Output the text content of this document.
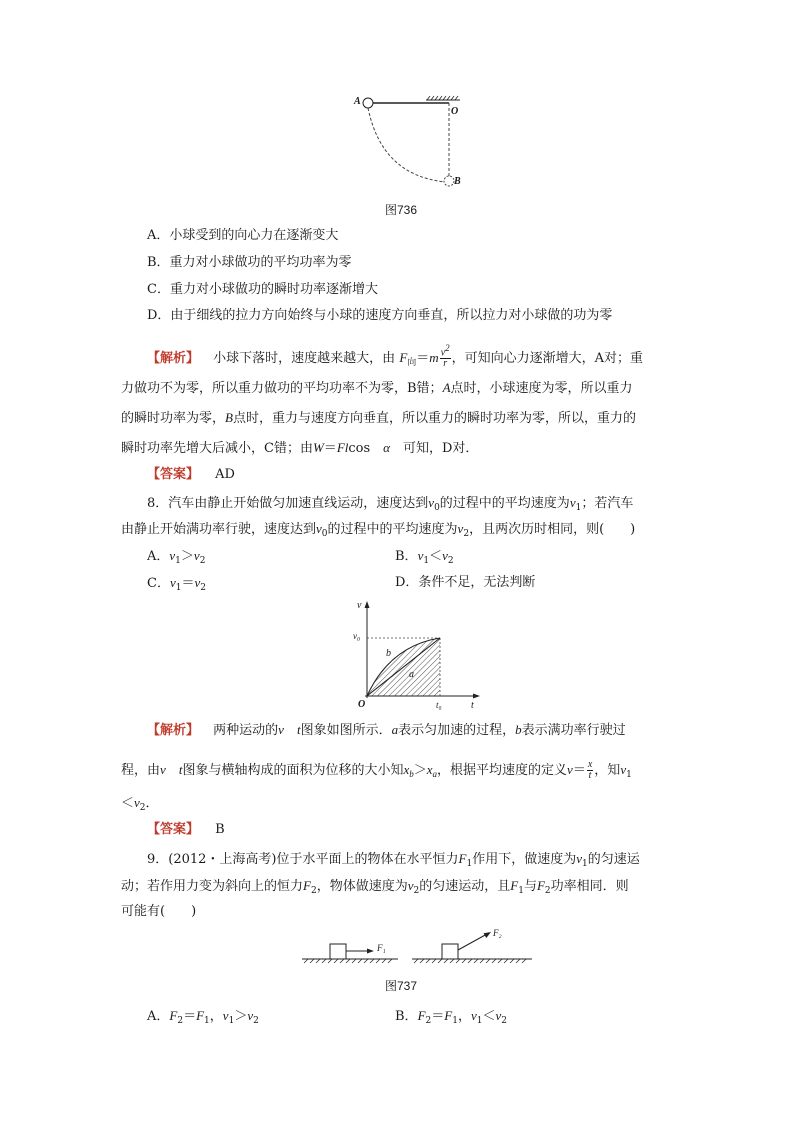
A
O
B
图736
A．小球受到的向心力在逐渐变大
B．重力对小球做功的平均功率为零
C．重力对小球做功的瞬时功率逐渐增大
D．由于细线的拉力方向始终与小球的速度方向垂直，所以拉力对小球做的功为零
【解析】 小球下落时，速度越来越大，由 $F_向=m \frac{v^2}{r}$ ，可知向心力逐渐增大，A对；重
力做功不为零，所以重力做功的平均功率不为零，B错；A点时，小球速度为零，所以重力
的瞬时功率为零，B点时，重力与速度方向垂直，所以重力的瞬时功率为零，所以，重力的
瞬时功率先增大后减小，C错；由W＝Flcos　α　 可知，D对．
【答案】 AD
8．汽车由静止开始做匀加速直线运动，速度达到$v_0$的过程中的平均速度为$v_1$；若汽车
由静止开始满功率行驶，速度达到$v_0$的过程中的平均速度为$v_2$，且两次历时相同，则(　　)
A．$v_1>v_2$	B．$v_1<v_2$
C．$v_1=v_2$	D．条件不足，无法判断
v
t
O
v₀
t₀
b
a
【解析】 两种运动的v　 t图象如图所示．a表示匀加速的过程，b表示满功率行驶过
程，由v　 t图象与横轴构成的面积为位移的大小知$x_b>x_a$，根据平均速度的定义$v= \frac{x}{t}$ ，知$v_1$
$<v_2$．
【答案】 B
9．(2012・上海高考)位于水平面上的物体在水平恒力$F_1$作用下，做速度为$v_1$的匀速运
动；若作用力变为斜向上的恒力$F_2$，物体做速度为$v_2$的匀速运动，且$F_1$与$F_2$功率相同．则
可能有(　　)
F₁
F₂
图737
A．$F_2=F_1$，$v_1>v_2$	B．$F_2=F_1$，$v_1<v_2$
